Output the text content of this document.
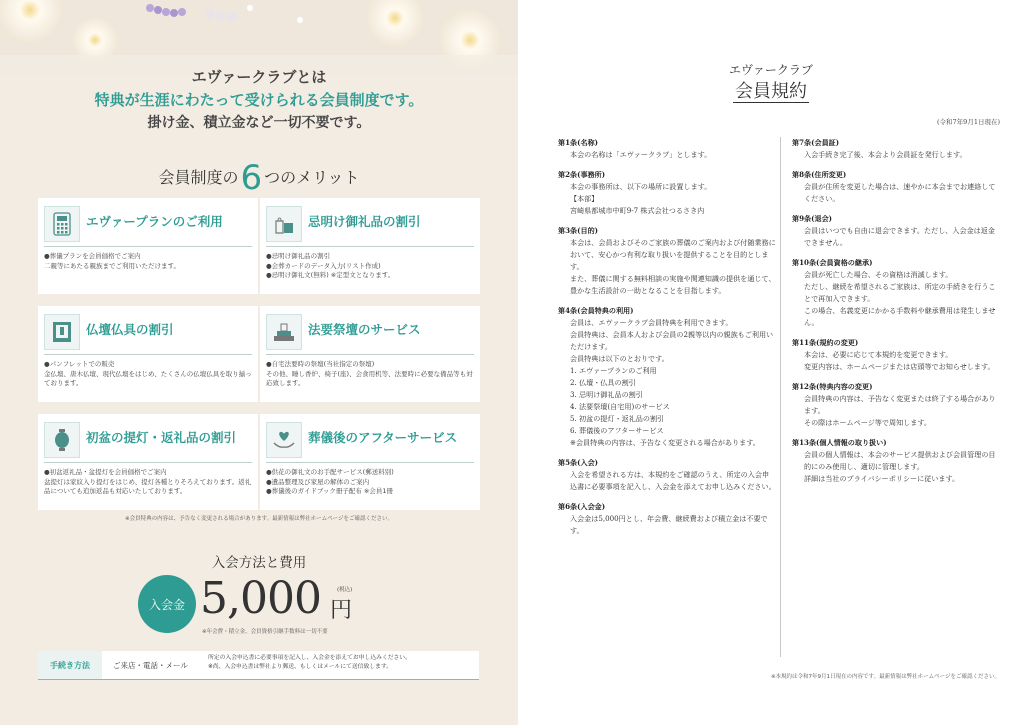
エヴァークラブとは
特典が生涯にわたって受けられる会員制度です。
掛け金、積立金など一切不要です。
会員制度の6 つのメリット
エヴァープランのご利用
●葬儀プランを会員価格でご案内
二親等にあたる親族までご利用いただけます。
忌明け御礼品の割引
●忌明け御礼品の割引
●会葬カードのデータ入力(リスト作成)
●忌明け御礼文(無料) ※定型文となります。
仏壇仏具の割引
●パンフレットでの販売
金仏壇、唐木仏壇、現代仏壇をはじめ、たくさんの仏壇仏具を取り揃っております。
法要祭壇のサービス
●自宅法要時の祭壇(当社指定の祭壇)
その他、睡し香炉、椅子(座)、会食用机等、法要時に必要な備品等も対応致します。
初盆の提灯・返礼品の割引
●初盆返礼品・盆提灯を会員価格でご案内
盆提灯は家紋入り提灯をはじめ、提灯各種とりそろえております。返礼品についても追加返品も対応いたしております。
葬儀後のアフターサービス
●供花の御礼文のお手配サービス(郵送料別)
●遺品整理及び家屋の解体のご案内
●葬儀後のガイドブック冊子配布 ※会員1冊
※会員特典の内容は、予告なく変更される場合があります。最新情報は弊社ホームページをご確認ください。
入会方法と費用
入会金 5,000	(税込)
円
※年会費・積立金、会員資格引継手数料は一切不要
手続き方法	ご来店・電話・メール
所定の入会申込書に必要事項を記入し、入会金を添えてお申し込みください。
※尚、入会申込書は弊社より郵送、もしくはメールにて送信致します。
エヴァークラブ
会員規約
(令和7年9月1日現在)
第1条(名称)
本会の名称は「エヴァークラブ」とします。
第2条(事務所)
本会の事務所は、以下の場所に設置します。
【本部】
宮崎県都城市中町9-7 株式会社つるさき内
第3条(目的)
本会は、会員およびそのご家族の葬儀のご案内および付随業務において、安心かつ有利な取り扱いを提供することを目的とします。
また、葬儀に関する無料相談の実施や関連知識の提供を通じて、豊かな生活設計の一助となることを目指します。
第4条(会員特典の利用)
会員は、エヴァークラブ会員特典を利用できます。
会員特典は、会員本人および会員の2親等以内の親族もご利用いただけます。
会員特典は以下のとおりです。
1. エヴァープランのご利用
2. 仏壇・仏具の割引
3. 忌明け御礼品の割引
4. 法要祭壇(自宅用)のサービス
5. 初盆の提灯・返礼品の割引
6. 葬儀後のアフターサービス
※会員特典の内容は、予告なく変更される場合があります。
第5条(入会)
入会を希望される方は、本規約をご確認のうえ、所定の入会申込書に必要事項を記入し、入会金を添えてお申し込みください。
第6条(入会金)
入会金は5,000円とし、年会費、継続費および積立金は不要です。
第7条(会員証)
入会手続き完了後、本会より会員証を発行します。
第8条(住所変更)
会員が住所を変更した場合は、速やかに本会までお連絡してください。
第9条(退会)
会員はいつでも自由に退会できます。ただし、入会金は返金できません。
第10条(会員資格の継承)
会員が死亡した場合、その資格は消滅します。
ただし、継続を希望されるご家族は、所定の手続きを行うことで再加入できます。
この場合、名義変更にかかる手数料や継承費用は発生しません。
第11条(規約の変更)
本会は、必要に応じて本規約を変更できます。
変更内容は、ホームページまたは店頭等でお知らせします。
第12条(特典内容の変更)
会員特典の内容は、予告なく変更または終了する場合があります。
その際はホームページ等で周知します。
第13条(個人情報の取り扱い)
会員の個人情報は、本会のサービス提供および会員管理の目的にのみ使用し、適切に管理します。
詳細は当社のプライバシーポリシーに従います。
※本規約は令和7年9月1日現在の内容です。最新情報は弊社ホームページをご確認ください。
